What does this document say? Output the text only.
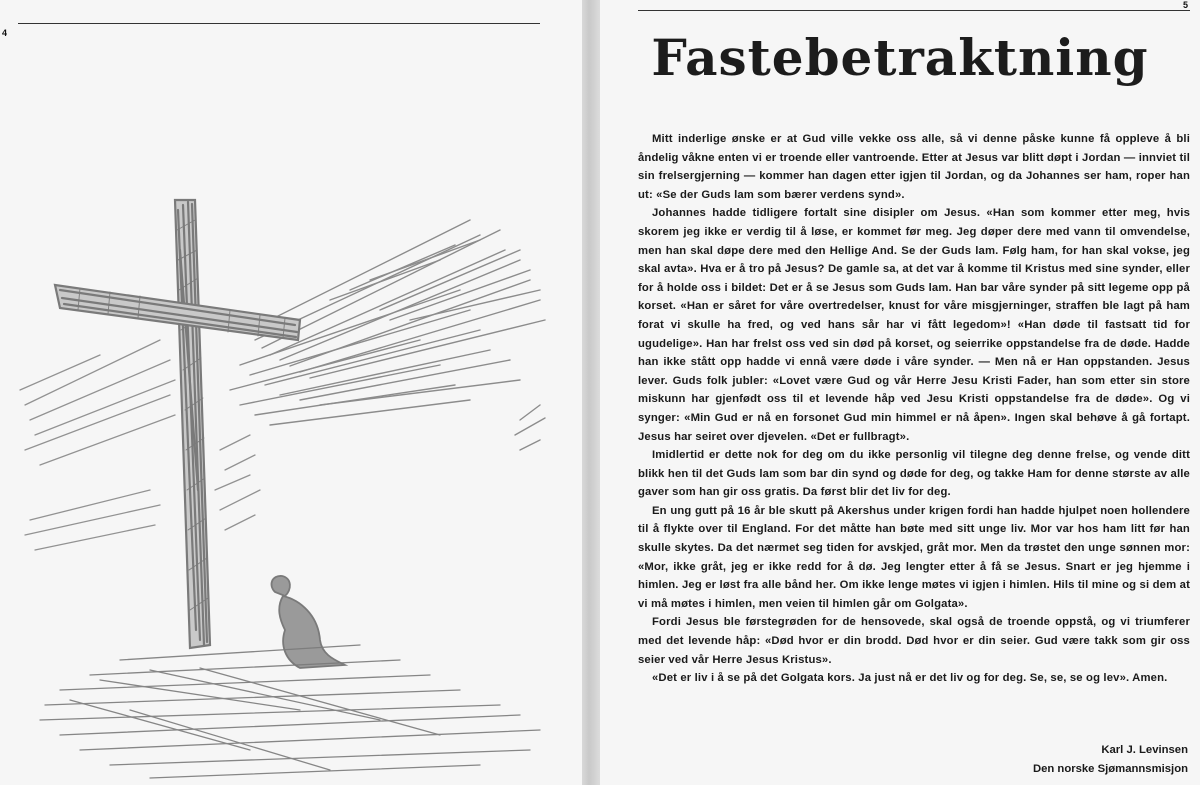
4
5
Fastebetraktning

Mitt inderlige ønske er at Gud ville vekke oss alle, så vi denne påske kunne få oppleve å bli åndelig våkne enten vi er troende eller vantroende. Etter at Jesus var blitt døpt i Jordan — innviet til sin frelsergjerning — kommer han dagen etter igjen til Jordan, og da Johannes ser ham, roper han ut: «Se der Guds lam som bærer verdens synd».

Johannes hadde tidligere fortalt sine disipler om Jesus. «Han som kommer etter meg, hvis skorem jeg ikke er verdig til å løse, er kommet før meg. Jeg døper dere med vann til omvendelse, men han skal døpe dere med den Hellige And. Se der Guds lam. Følg ham, for han skal vokse, jeg skal avta». Hva er å tro på Jesus? De gamle sa, at det var å komme til Kristus med sine synder, eller for å holde oss i bildet: Det er å se Jesus som Guds lam. Han bar våre synder på sitt legeme opp på korset. «Han er såret for våre overtredelser, knust for våre misgjerninger, straffen ble lagt på ham forat vi skulle ha fred, og ved hans sår har vi fått legedom»! «Han døde til fastsatt tid for ugudelige». Han har frelst oss ved sin død på korset, og seierrike oppstandelse fra de døde. Hadde han ikke stått opp hadde vi ennå være døde i våre synder. — Men nå er Han oppstanden. Jesus lever. Guds folk jubler: «Lovet være Gud og vår Herre Jesu Kristi Fader, han som etter sin store miskunn har gjenfødt oss til et levende håp ved Jesu Kristi oppstandelse fra de døde». Og vi synger: «Min Gud er nå en forsonet Gud min himmel er nå åpen». Ingen skal behøve å gå fortapt. Jesus har seiret over djevelen. «Det er fullbragt».

Imidlertid er dette nok for deg om du ikke personlig vil tilegne deg denne frelse, og vende ditt blikk hen til det Guds lam som bar din synd og døde for deg, og takke Ham for denne største av alle gaver som han gir oss gratis. Da først blir det liv for deg.

En ung gutt på 16 år ble skutt på Akershus under krigen fordi han hadde hjulpet noen hollendere til å flykte over til England. For det måtte han bøte med sitt unge liv. Mor var hos ham litt før han skulle skytes. Da det nærmet seg tiden for avskjed, gråt mor. Men da trøstet den unge sønnen mor: «Mor, ikke gråt, jeg er ikke redd for å dø. Jeg lengter etter å få se Jesus. Snart er jeg hjemme i himlen. Jeg er løst fra alle bånd her. Om ikke lenge møtes vi igjen i himlen. Hils til mine og si dem at vi må møtes i himlen, men veien til himlen går om Golgata».

Fordi Jesus ble førstegrøden for de hensovede, skal også de troende oppstå, og vi triumferer med det levende håp: «Død hvor er din brodd. Død hvor er din seier. Gud være takk som gir oss seier ved vår Herre Jesus Kristus».

«Det er liv i å se på det Golgata kors. Ja just nå er det liv og for deg. Se, se, se og lev». Amen.

Karl J. Levinsen
Den norske Sjømannsmisjon
